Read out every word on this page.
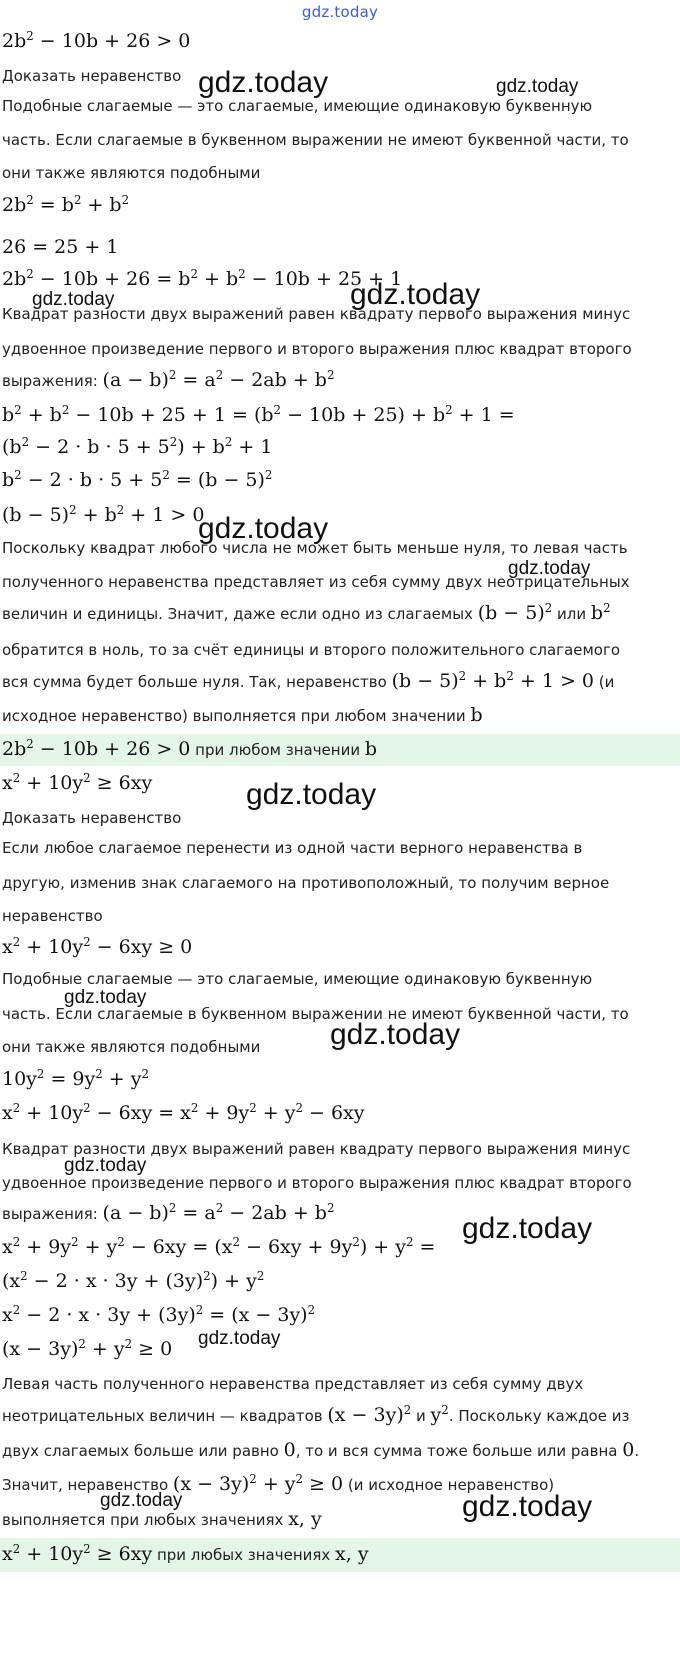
gdz.today
$2b^2 - 10b + 26 > 0$
Доказать неравенство
Подобные слагаемые — это слагаемые, имеющие одинаковую буквенную
часть. Если слагаемые в буквенном выражении не имеют буквенной части, то
они также являются подобными
$2b^2 = b^2 + b^2$
26 = 25 + 1
$2b^2 - 10b + 26 = b^2 + b^2 - 10b + 25 + 1$
Квадрат разности двух выражений равен квадрату первого выражения минус
удвоенное произведение первого и второго выражения плюс квадрат второго
выражения: $(a - b)^2 = a^2 - 2ab + b^2$
$b^2 + b^2 - 10b + 25 + 1 = (b^2 - 10b + 25) + b^2 + 1$ =
$(b^2 - 2 \cdot b \cdot 5 + 5^2) + b^2 + 1$
$b^2 - 2 \cdot b \cdot 5 + 5^2 = (b - 5)^2$
$(b - 5)^2 + b^2 + 1 > 0$
Поскольку квадрат любого числа не может быть меньше нуля, то левая часть
полученного неравенства представляет из себя сумму двух неотрицательных
величин и единицы. Значит, даже если одно из слагаемых $(b - 5)^2$ или $b^2$
обратится в ноль, то за счёт единицы и второго положительного слагаемого
вся сумма будет больше нуля. Так, неравенство $(b - 5)^2 + b^2 + 1 > 0$ (и
исходное неравенство) выполняется при любом значении b
$2b^2 - 10b + 26 > 0$ при любом значении b
$x^2 + 10y^2 \ge 6xy$
Доказать неравенство
Если любое слагаемое перенести из одной части верного неравенства в
другую, изменив знак слагаемого на противоположный, то получим верное
неравенство
$x^2 + 10y^2 - 6xy \ge 0$
Подобные слагаемые — это слагаемые, имеющие одинаковую буквенную
часть. Если слагаемые в буквенном выражении не имеют буквенной части, то
они также являются подобными
$10y^2 = 9y^2 + y^2$
$x^2 + 10y^2 - 6xy = x^2 + 9y^2 + y^2 - 6xy$
Квадрат разности двух выражений равен квадрату первого выражения минус
удвоенное произведение первого и второго выражения плюс квадрат второго
выражения: $(a - b)^2 = a^2 - 2ab + b^2$
$x^2 + 9y^2 + y^2 - 6xy = (x^2 - 6xy + 9y^2) + y^2$ =
$(x^2 - 2 \cdot x \cdot 3y + (3y)^2) + y^2$
$x^2 - 2 \cdot x \cdot 3y + (3y)^2 = (x - 3y)^2$
$(x - 3y)^2 + y^2 \ge 0$
Левая часть полученного неравенства представляет из себя сумму двух
неотрицательных величин — квадратов $(x - 3y)^2$ и $y^2$. Поскольку каждое из
двух слагаемых больше или равно 0, то и вся сумма тоже больше или равна 0.
Значит, неравенство $(x - 3y)^2 + y^2 \ge 0$ (и исходное неравенство)
выполняется при любых значениях x, y
$x^2 + 10y^2 \ge 6xy$ при любых значениях x, y
gdz.today	gdz.today
gdz.today
gdz.today
gdz.today
gdz.today
gdz.today
gdz.today
gdz.today
gdz.today
gdz.today
gdz.today
gdz.today	gdz.today
